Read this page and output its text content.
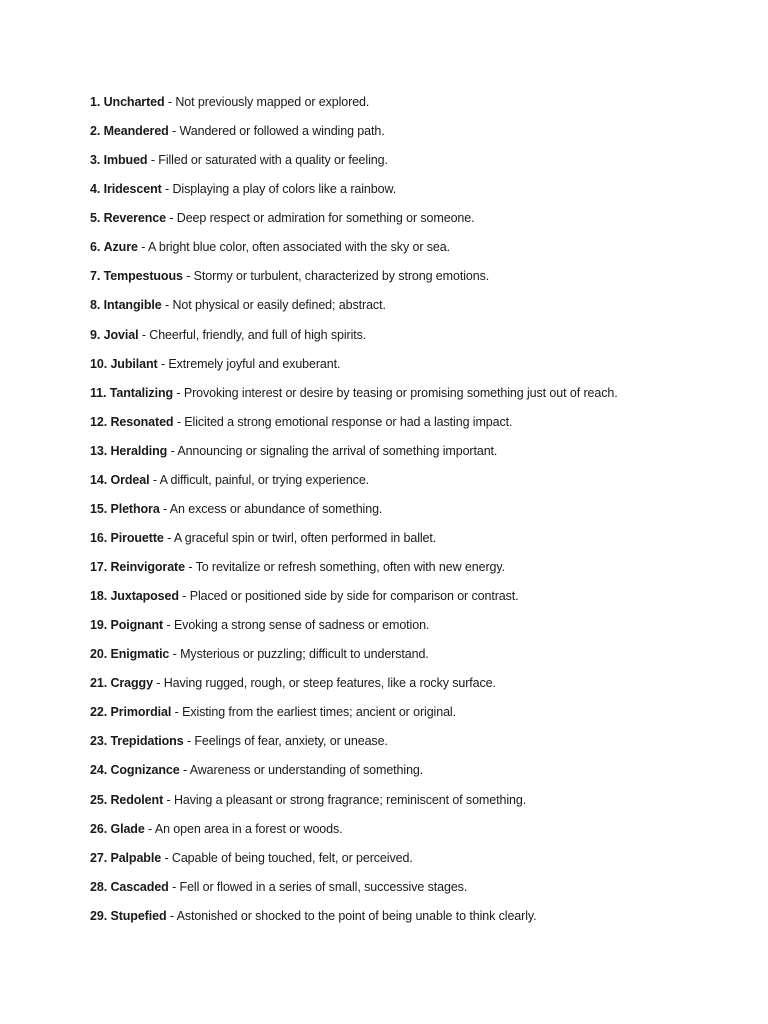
1. Uncharted - Not previously mapped or explored.
2. Meandered - Wandered or followed a winding path.
3. Imbued - Filled or saturated with a quality or feeling.
4. Iridescent - Displaying a play of colors like a rainbow.
5. Reverence - Deep respect or admiration for something or someone.
6. Azure - A bright blue color, often associated with the sky or sea.
7. Tempestuous - Stormy or turbulent, characterized by strong emotions.
8. Intangible - Not physical or easily defined; abstract.
9. Jovial - Cheerful, friendly, and full of high spirits.
10. Jubilant - Extremely joyful and exuberant.
11. Tantalizing - Provoking interest or desire by teasing or promising something just out of reach.
12. Resonated - Elicited a strong emotional response or had a lasting impact.
13. Heralding - Announcing or signaling the arrival of something important.
14. Ordeal - A difficult, painful, or trying experience.
15. Plethora - An excess or abundance of something.
16. Pirouette - A graceful spin or twirl, often performed in ballet.
17. Reinvigorate - To revitalize or refresh something, often with new energy.
18. Juxtaposed - Placed or positioned side by side for comparison or contrast.
19. Poignant - Evoking a strong sense of sadness or emotion.
20. Enigmatic - Mysterious or puzzling; difficult to understand.
21. Craggy - Having rugged, rough, or steep features, like a rocky surface.
22. Primordial - Existing from the earliest times; ancient or original.
23. Trepidations - Feelings of fear, anxiety, or unease.
24. Cognizance - Awareness or understanding of something.
25. Redolent - Having a pleasant or strong fragrance; reminiscent of something.
26. Glade - An open area in a forest or woods.
27. Palpable - Capable of being touched, felt, or perceived.
28. Cascaded - Fell or flowed in a series of small, successive stages.
29. Stupefied - Astonished or shocked to the point of being unable to think clearly.
